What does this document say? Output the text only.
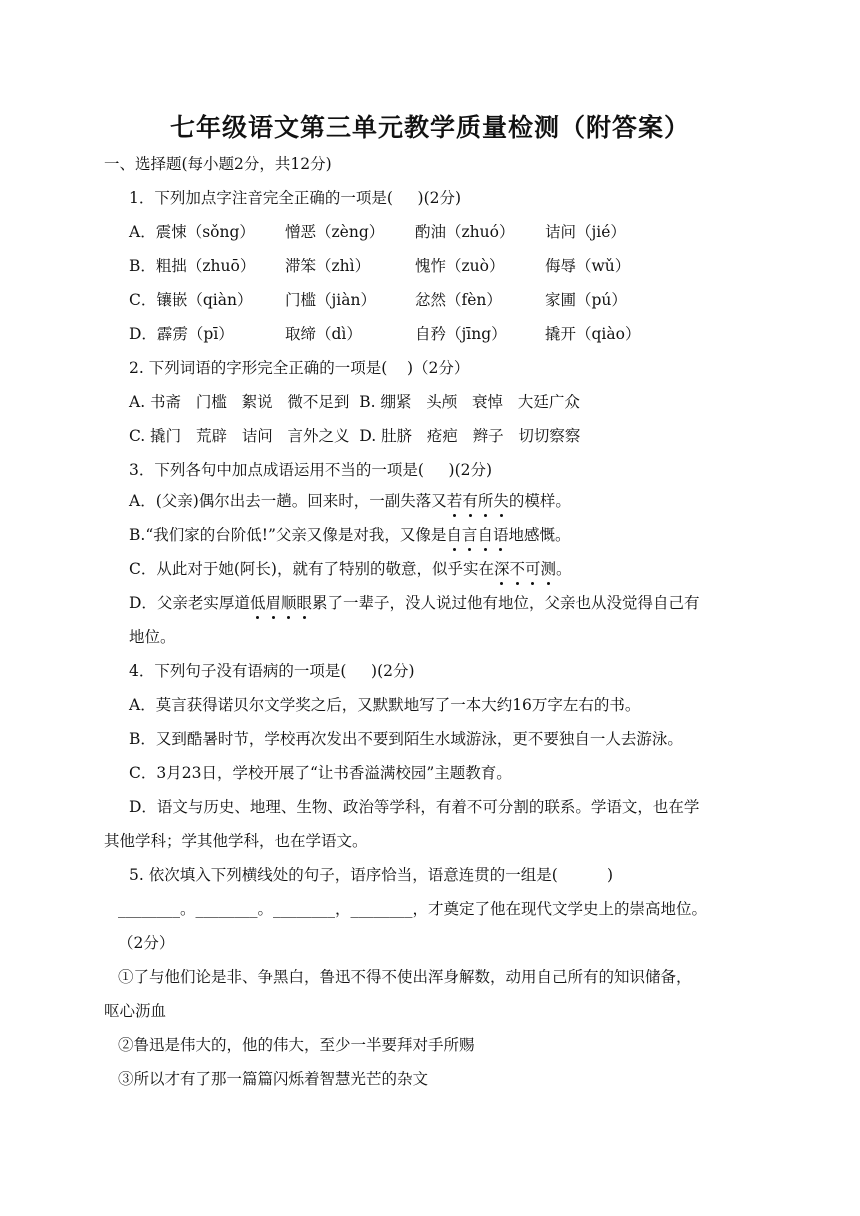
七年级语文第三单元教学质量检测（附答案）
一、选择题(每小题2分，共12分)
1．下列加点字注音完全正确的一项是(     )(2分)
A．震悚（sǒng） 憎恶（zèng） 酌油（zhuó） 诘问（jié）
B．粗拙（zhuō） 滞笨（zhì）	愧怍（zuò）	侮辱（wǔ）
C．镶嵌（qiàn） 门槛（jiàn）	忿然（fèn）	家圃（pú）
D．霹雳（pī）	取缔（dì）	自矜（jīng） 撬开（qiào）
2. 下列词语的字形完全正确的一项是(    )（2分）
A. 书斋   门槛   絮说   微不足到  B. 绷紧   头颅   衰悼   大廷广众
C. 撬门   荒辟   诘问   言外之义  D. 肚脐   疮疤   辫子   切切察察
3．下列各句中加点成语运用不当的一项是(     )(2分)
A．(父亲)偶尔出去一趟。回来时，一副失落又若有所失的模样。
B.“我们家的台阶低!”父亲又像是对我，又像是自言自语地感慨。
C．从此对于她(阿长)，就有了特别的敬意，似乎实在深不可测。
D．父亲老实厚道低眉顺眼累了一辈子，没人说过他有地位，父亲也从没觉得自己有
地位。
4．下列句子没有语病的一项是(     )(2分)
A．莫言获得诺贝尔文学奖之后，又默默地写了一本大约16万字左右的书。
B．又到酷暑时节，学校再次发出不要到陌生水域游泳，更不要独自一人去游泳。
C．3月23日，学校开展了“让书香溢满校园”主题教育。
D．语文与历史、地理、生物、政治等学科，有着不可分割的联系。学语文，也在学
其他学科；学其他学科，也在学语文。
5. 依次填入下列横线处的句子，语序恰当，语意连贯的一组是(          )
________。________。________，________，才奠定了他在现代文学史上的崇高地位。
（2分）
①了与他们论是非、争黑白，鲁迅不得不使出浑身解数，动用自己所有的知识储备，
呕心沥血
②鲁迅是伟大的，他的伟大，至少一半要拜对手所赐
③所以才有了那一篇篇闪烁着智慧光芒的杂文
